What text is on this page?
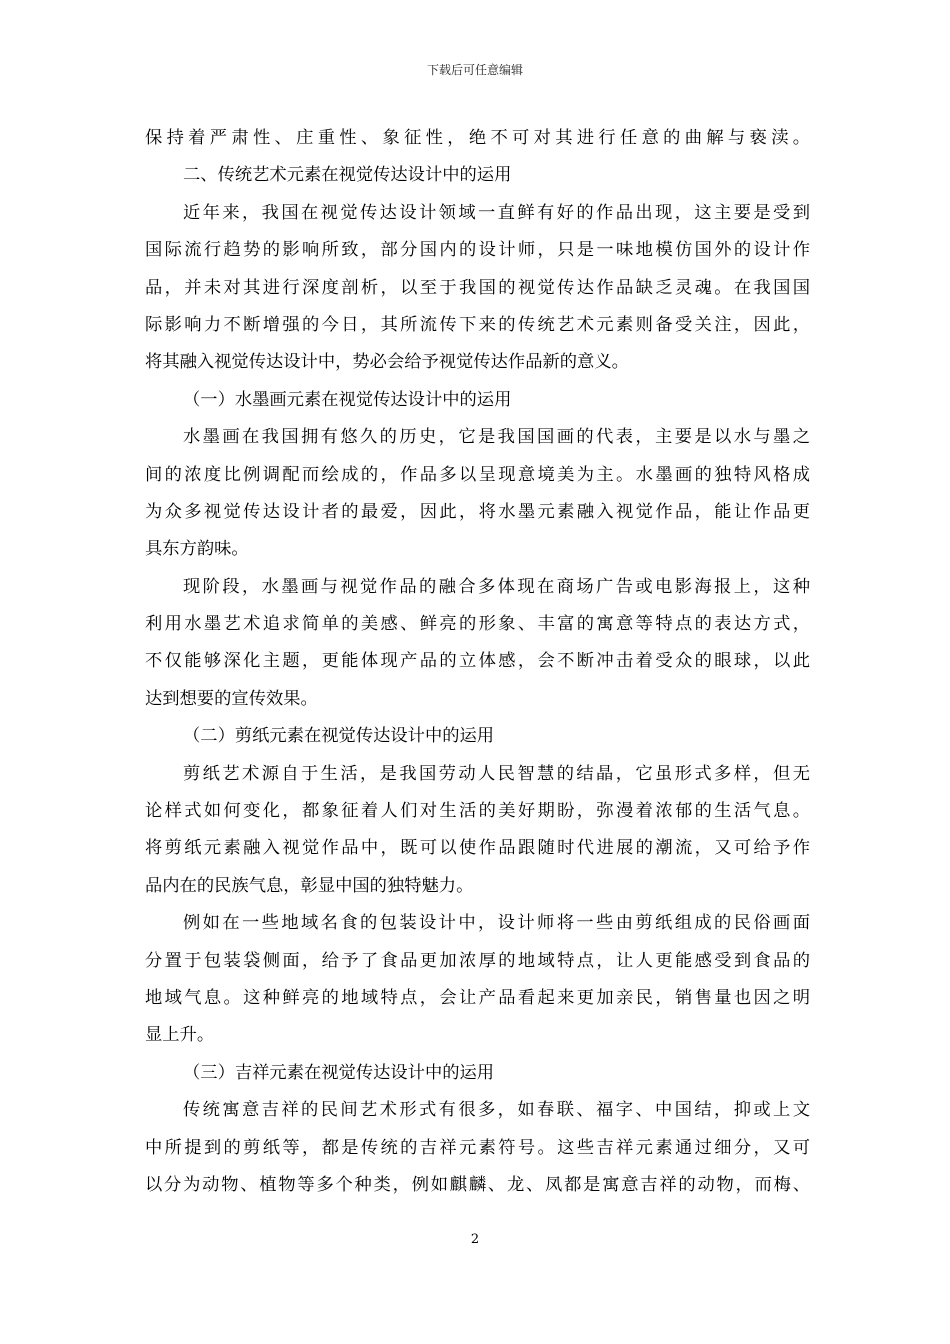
下载后可任意编辑
保持着严肃性、庄重性、象征性，绝不可对其进行任意的曲解与亵渎。
二、传统艺术元素在视觉传达设计中的运用
近年来，我国在视觉传达设计领域一直鲜有好的作品出现，这主要是受到
国际流行趋势的影响所致，部分国内的设计师，只是一味地模仿国外的设计作
品，并未对其进行深度剖析，以至于我国的视觉传达作品缺乏灵魂。在我国国
际影响力不断增强的今日，其所流传下来的传统艺术元素则备受关注，因此，
将其融入视觉传达设计中，势必会给予视觉传达作品新的意义。
（一）水墨画元素在视觉传达设计中的运用
水墨画在我国拥有悠久的历史，它是我国国画的代表，主要是以水与墨之
间的浓度比例调配而绘成的，作品多以呈现意境美为主。水墨画的独特风格成
为众多视觉传达设计者的最爱，因此，将水墨元素融入视觉作品，能让作品更
具东方韵味。
现阶段，水墨画与视觉作品的融合多体现在商场广告或电影海报上，这种
利用水墨艺术追求简单的美感、鲜亮的形象、丰富的寓意等特点的表达方式，
不仅能够深化主题，更能体现产品的立体感，会不断冲击着受众的眼球，以此
达到想要的宣传效果。
（二）剪纸元素在视觉传达设计中的运用
剪纸艺术源自于生活，是我国劳动人民智慧的结晶，它虽形式多样，但无
论样式如何变化，都象征着人们对生活的美好期盼，弥漫着浓郁的生活气息。
将剪纸元素融入视觉作品中，既可以使作品跟随时代进展的潮流，又可给予作
品内在的民族气息，彰显中国的独特魅力。
例如在一些地域名食的包装设计中，设计师将一些由剪纸组成的民俗画面
分置于包装袋侧面，给予了食品更加浓厚的地域特点，让人更能感受到食品的
地域气息。这种鲜亮的地域特点，会让产品看起来更加亲民，销售量也因之明
显上升。
（三）吉祥元素在视觉传达设计中的运用
传统寓意吉祥的民间艺术形式有很多，如春联、福字、中国结，抑或上文
中所提到的剪纸等，都是传统的吉祥元素符号。这些吉祥元素通过细分，又可
以分为动物、植物等多个种类，例如麒麟、龙、凤都是寓意吉祥的动物，而梅、
2
